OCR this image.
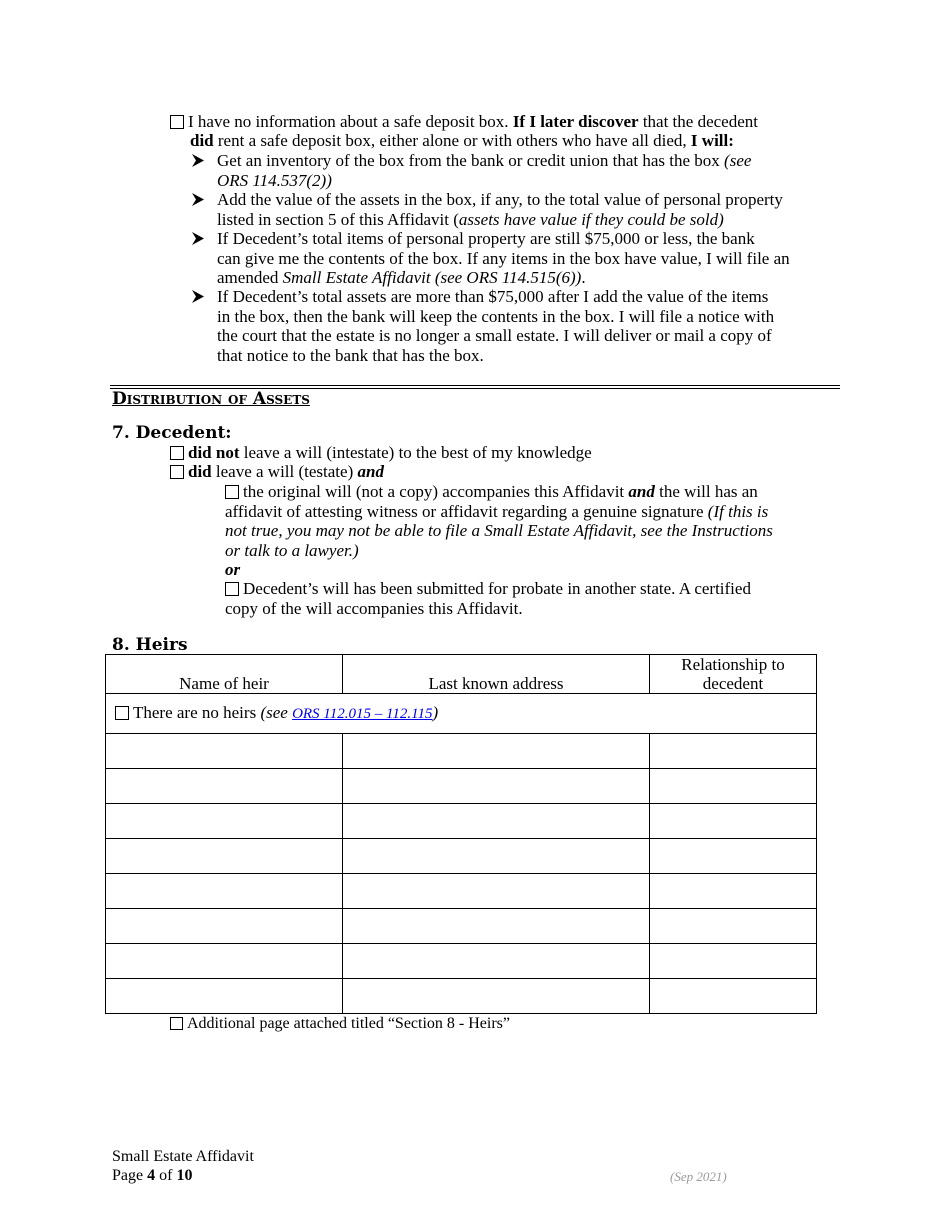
I have no information about a safe deposit box. If I later discover that the decedent
did rent a safe deposit box, either alone or with others who have all died, I will:
Get an inventory of the box from the bank or credit union that has the box (see
ORS 114.537(2))
Add the value of the assets in the box, if any, to the total value of personal property
listed in section 5 of this Affidavit (assets have value if they could be sold)
If Decedent’s total items of personal property are still $75,000 or less, the bank
can give me the contents of the box. If any items in the box have value, I will file an
amended Small Estate Affidavit (see ORS 114.515(6)).
If Decedent’s total assets are more than $75,000 after I add the value of the items
in the box, then the bank will keep the contents in the box. I will file a notice with
the court that the estate is no longer a small estate. I will deliver or mail a copy of
that notice to the bank that has the box.
Distribution of Assets
7. Decedent:
did not leave a will (intestate) to the best of my knowledge
did leave a will (testate) and
the original will (not a copy) accompanies this Affidavit and the will has an
affidavit of attesting witness or affidavit regarding a genuine signature (If this is
not true, you may not be able to file a Small Estate Affidavit, see the Instructions
or talk to a lawyer.)
or
Decedent’s will has been submitted for probate in another state. A certified
copy of the will accompanies this Affidavit.
8. Heirs
Name of heir	Last known address	Relationship to
decedent

There are no heirs (see ORS 112.015 – 112.115)		

Additional page attached titled “Section 8 - Heirs”
Small Estate Affidavit
Page 4 of 10	(Sep 2021)
